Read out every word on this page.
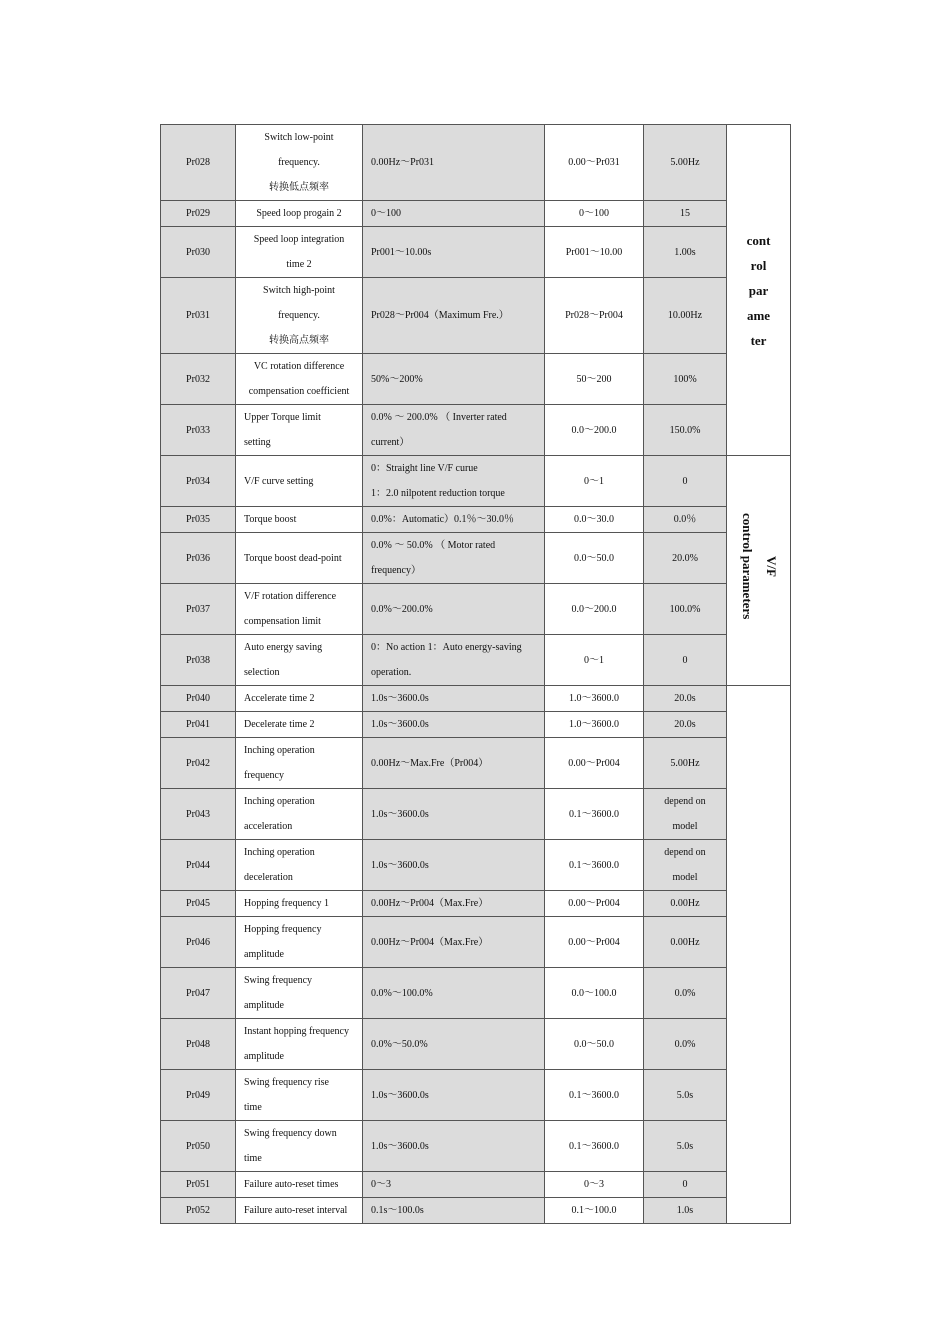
Pr028	Switch low-point
frequency.
转换低点频率	0.00Hz～Pr031	0.00～Pr031	5.00Hz	cont
rol
par
ame
ter

Pr029	Speed loop progain 2	0～100	0～100	15	

Pr030	Speed loop integration
time 2	Pr001～10.00s	Pr001～10.00	1.00s	

Pr031	Switch high-point
frequency.
转换高点频率	Pr028～Pr004（Maximum Fre.）	Pr028～Pr004	10.00Hz	

Pr032	VC rotation difference
compensation coefficient	50%～200%	50～200	100%	

Pr033	Upper Torque limit
setting	0.0% ～ 200.0% （ Inverter rated
current）	0.0～200.0	150.0%	

Pr034	V/F curve setting	0：Straight line V/F curue
1：2.0 nilpotent reduction torque	0～1	0	V/F
control parameters

Pr035	Torque boost	0.0%：Automatic）0.1％～30.0％	0.0～30.0	0.0％	

Pr036	Torque boost dead-point	0.0% ～ 50.0% （ Motor rated
frequency）	0.0～50.0	20.0%	

Pr037	V/F rotation difference
compensation limit	0.0%～200.0%	0.0～200.0	100.0%	

Pr038	Auto energy saving
selection	0：No action 1：Auto energy-saving
operation.	0～1	0	

Pr040	Accelerate time 2	1.0s～3600.0s	1.0～3600.0	20.0s	

Pr041	Decelerate time 2	1.0s～3600.0s	1.0～3600.0	20.0s	

Pr042	Inching operation
frequency	0.00Hz～Max.Fre（Pr004）	0.00～Pr004	5.00Hz	

Pr043	Inching operation
acceleration	1.0s～3600.0s	0.1～3600.0	depend on
model	

Pr044	Inching operation
deceleration	1.0s～3600.0s	0.1～3600.0	depend on
model	

Pr045	Hopping frequency 1	0.00Hz～Pr004（Max.Fre）	0.00～Pr004	0.00Hz	

Pr046	Hopping frequency
amplitude	0.00Hz～Pr004（Max.Fre）	0.00～Pr004	0.00Hz	

Pr047	Swing frequency
amplitude	0.0%～100.0%	0.0～100.0	0.0%	

Pr048	Instant hopping frequency
amplitude	0.0%～50.0%	0.0～50.0	0.0%	

Pr049	Swing frequency rise
time	1.0s～3600.0s	0.1～3600.0	5.0s	

Pr050	Swing frequency down
time	1.0s～3600.0s	0.1～3600.0	5.0s	

Pr051	Failure auto-reset times	0～3	0～3	0	

Pr052	Failure auto-reset interval	0.1s～100.0s	0.1～100.0	1.0s	
